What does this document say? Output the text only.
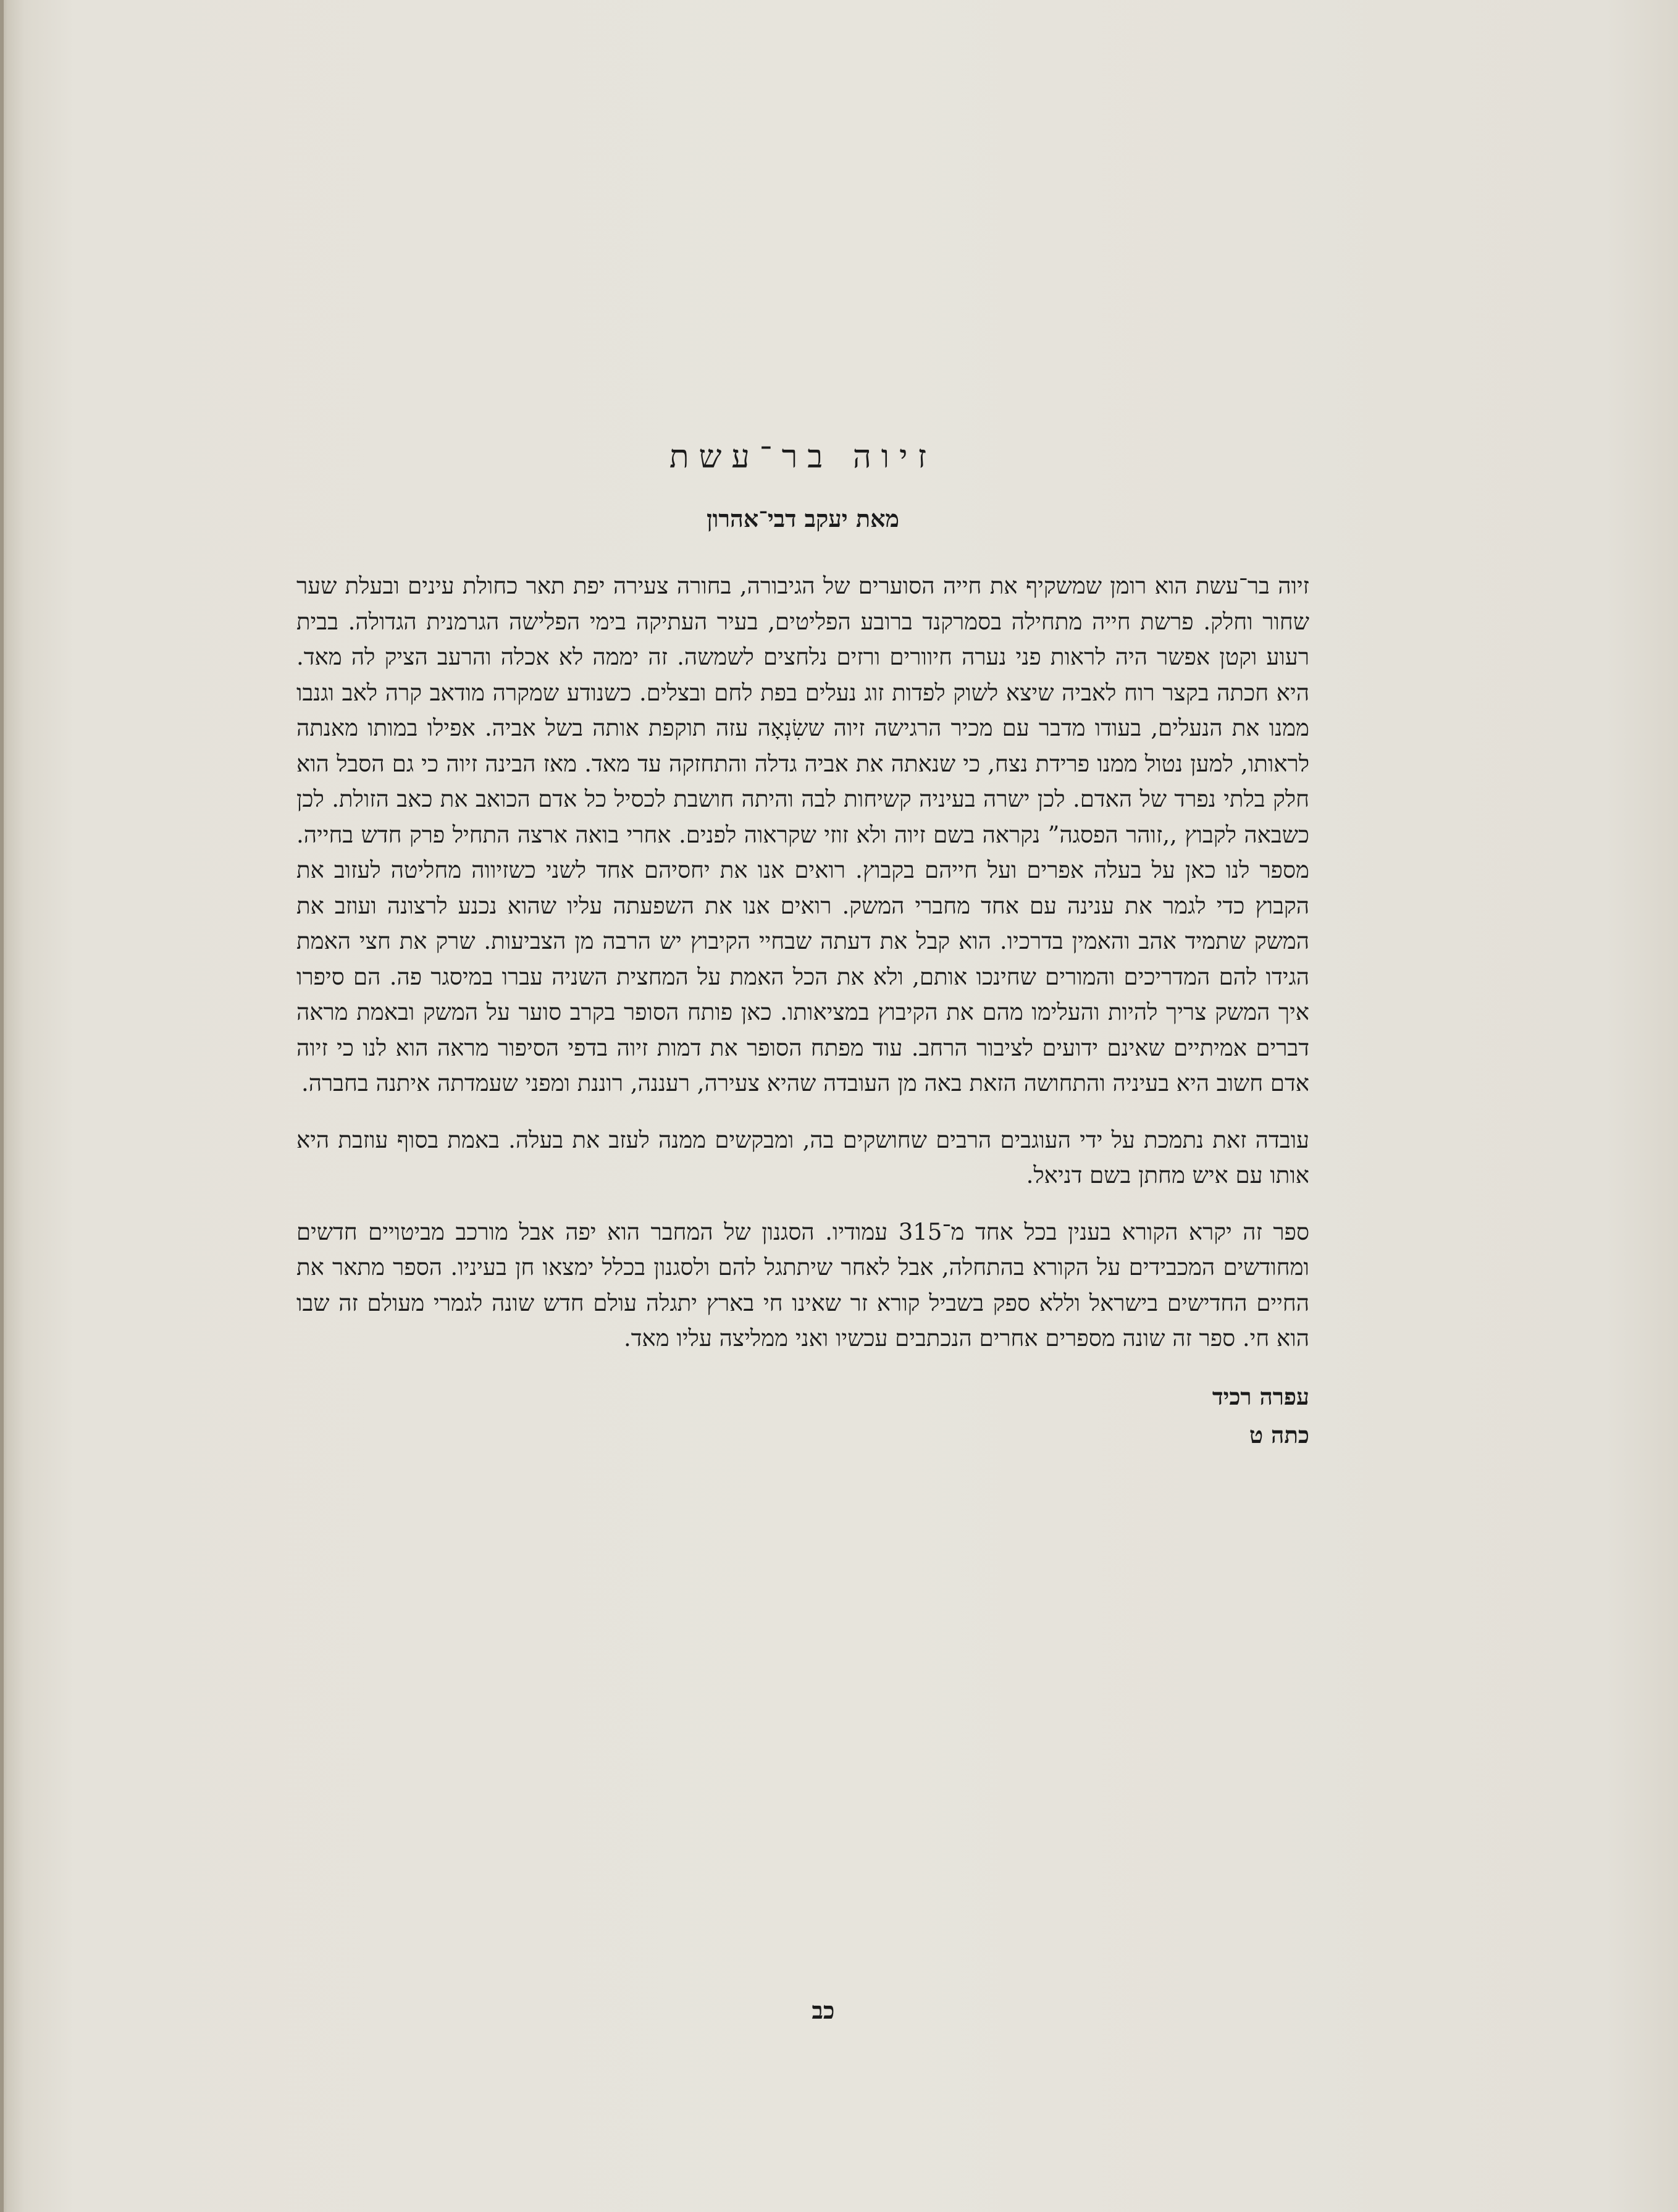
זיוה בר־עשת
מאת יעקב דבי־אהרון

זיוה בר־עשת הוא רומן שמשקיף את חייה הסוערים של הגיבורה, בחורה צעירה יפת תאר כחולת עינים ובעלת שער שחור וחלק. פרשת חייה מתחילה בסמרקנד ברובע הפליטים, בעיר העתיקה בימי הפלישה הגרמנית הגדולה. בבית רעוע וקטן אפשר היה לראות פני נערה חיוורים ורזים נלחצים לשמשה. זה יממה לא אכלה והרעב הציק לה מאד. היא חכתה בקצר רוח לאביה שיצא לשוק לפדות זוג נעלים בפת לחם ובצלים. כשנודע שמקרה מודאב קרה לאב וגנבו ממנו את הנעלים, בעודו מדבר עם מכיר הרגישה זיוה ששִׂנְאָה עזה תוקפת אותה בשל אביה. אפילו במותו מאנתה לראותו, למען נטול ממנו פרידת נצח, כי שנאתה את אביה גדלה והתחזקה עד מאד. מאז הבינה זיוה כי גם הסבל הוא חלק בלתי נפרד של האדם. לכן ישרה בעיניה קשיחות לבה והיתה חושבת לכסיל כל אדם הכואב את כאב הזולת. לכן כשבאה לקבוץ ,,זוהר הפסגה” נקראה בשם זיוה ולא זוזי שקראוה לפנים. אחרי בואה ארצה התחיל פרק חדש בחייה. מספר לנו כאן על בעלה אפרים ועל חייהם בקבוץ. רואים אנו את יחסיהם אחד לשני כשזיווה מחליטה לעזוב את הקבוץ כדי לגמר את ענינה עם אחד מחברי המשק. רואים אנו את השפעתה עליו שהוא נכנע לרצונה ועוזב את המשק שתמיד אהב והאמין בדרכיו. הוא קבל את דעתה שבחיי הקיבוץ יש הרבה מן הצביעות. שרק את חצי האמת הגידו להם המדריכים והמורים שחינכו אותם, ולא את הכל האמת על המחצית השניה עברו במיסגר פה. הם סיפרו איך המשק צריך להיות והעלימו מהם את הקיבוץ במציאותו. כאן פותח הסופר בקרב סוער על המשק ובאמת מראה דברים אמיתיים שאינם ידועים לציבור הרחב. עוד מפתח הסופר את דמות זיוה בדפי הסיפור מראה הוא לנו כי זיוה אדם חשוב היא בעיניה והתחושה הזאת באה מן העובדה שהיא צעירה, רעננה, רוננת ומפני שעמדתה איתנה בחברה.

עובדה זאת נתמכת על ידי העוגבים הרבים שחושקים בה, ומבקשים ממנה לעזב את בעלה. באמת בסוף עוזבת היא אותו עם איש מחתן בשם דניאל.

ספר זה יקרא הקורא בענין בכל אחד מ־315 עמודיו. הסגנון של המחבר הוא יפה אבל מורכב מביטויים חדשים ומחודשים המכבידים על הקורא בהתחלה, אבל לאחר שיתתגל להם ולסגנון בכלל ימצאו חן בעיניו. הספר מתאר את החיים החדישים בישראל וללא ספק בשביל קורא זר שאינו חי בארץ יתגלה עולם חדש שונה לגמרי מעולם זה שבו הוא חי. ספר זה שונה מספרים אחרים הנכתבים עכשיו ואני ממליצה עליו מאד.

עפרה רכיד
כתה ט
כב
